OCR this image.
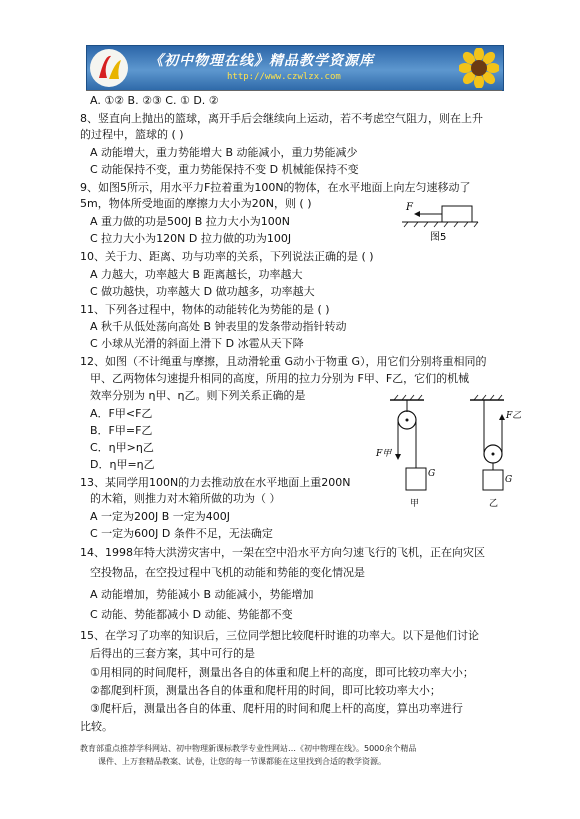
《初中物理在线》精品教学资源库
http://www.czwlzx.com
A. ①② B. ②③ C. ① D. ②
8、竖直向上抛出的篮球，离开手后会继续向上运动，若不考虑空气阻力，则在上升
的过程中，篮球的 ( )
A 动能增大，重力势能增大 B 动能减小，重力势能减少
C 动能保持不变，重力势能保持不变 D 机械能保持不变
9、如图5所示，用水平力F拉着重为100N的物体，在水平地面上向左匀速移动了
5m，物体所受地面的摩擦力大小为20N，则 ( )
A 重力做的功是500J B 拉力大小为100N
C 拉力大小为120N D 拉力做的功为100J
10、关于力、距离、功与功率的关系，下列说法正确的是 ( )
A 力越大，功率越大 B 距离越长，功率越大
C 做功越快，功率越大 D 做功越多，功率越大
11、下列各过程中，物体的动能转化为势能的是 ( )
A 秋千从低处荡向高处 B 钟表里的发条带动指针转动
C 小球从光滑的斜面上滑下 D 冰雹从天下降
12、如图（不计绳重与摩擦，且动滑轮重 G动小于物重 G），用它们分别将重相同的
甲、乙两物体匀速提升相同的高度，所用的拉力分别为 F甲、F乙，它们的机械
效率分别为 η甲、η乙。则下列关系正确的是
A．F甲<F乙
B．F甲=F乙
C．η甲>η乙
D．η甲=η乙
13、某同学用100N的力去推动放在水平地面上重200N
的木箱，则推力对木箱所做的功为（ ）
A 一定为200J B 一定为400J
C 一定为600J D 条件不足，无法确定
14、1998年特大洪涝灾害中，一架在空中沿水平方向匀速飞行的飞机，正在向灾区
空投物品，在空投过程中飞机的动能和势能的变化情况是
A 动能增加，势能减小 B 动能减小，势能增加
C 动能、势能都减小 D 动能、势能都不变
15、在学习了功率的知识后，三位同学想比较爬杆时谁的功率大。以下是他们讨论
后得出的三套方案，其中可行的是
①用相同的时间爬杆，测量出各自的体重和爬上杆的高度，即可比较功率大小；
②都爬到杆顶，测量出各自的体重和爬杆用的时间，即可比较功率大小；
③爬杆后，测量出各自的体重、爬杆用的时间和爬上杆的高度，算出功率进行
比较。
F
图5
G
F甲
甲
G
F乙
乙
教育部重点推荐学科网站、初中物理新课标教学专业性网站…《初中物理在线》。5000余个精品
课件、上万套精品教案、试卷，让您的每一节课都能在这里找到合适的教学资源。
